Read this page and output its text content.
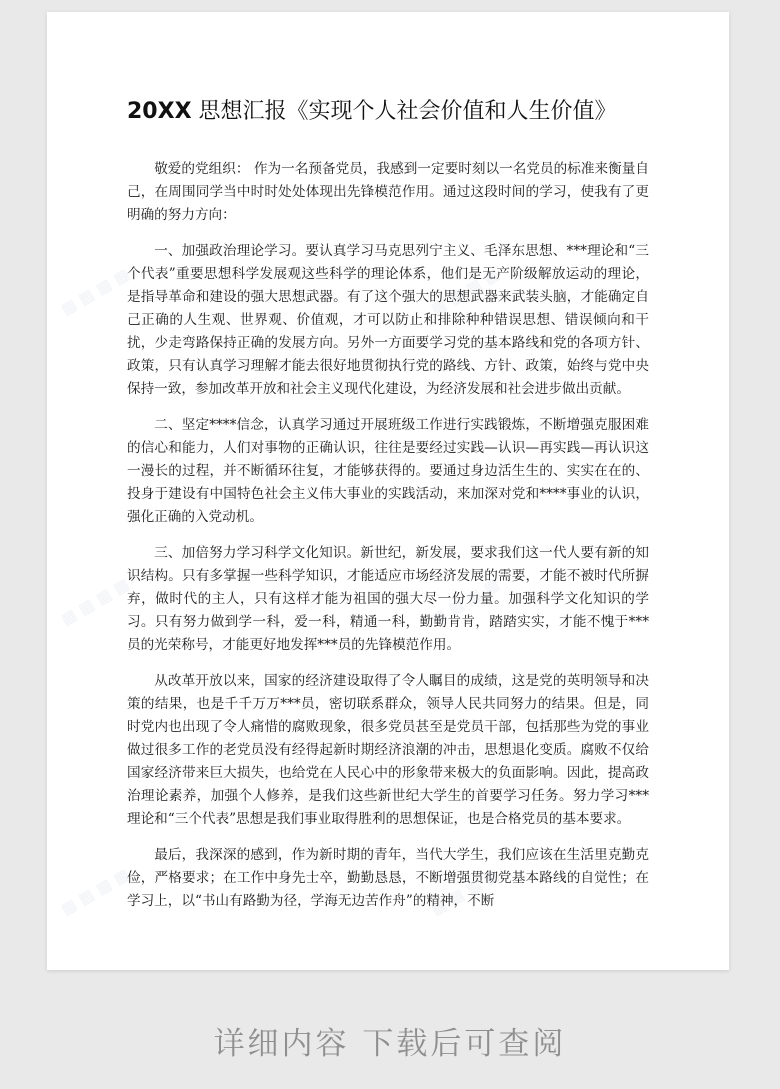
20XX 思想汇报《实现个人社会价值和人生价值》

敬爱的党组织： 作为一名预备党员，我感到一定要时刻以一名党员的标准来衡量自己，在周围同学当中时时处处体现出先锋模范作用。通过这段时间的学习，使我有了更明确的努力方向：

一、加强政治理论学习。要认真学习马克思列宁主义、毛泽东思想、***理论和“三个代表”重要思想科学发展观这些科学的理论体系，他们是无产阶级解放运动的理论，是指导革命和建设的强大思想武器。有了这个强大的思想武器来武装头脑，才能确定自己正确的人生观、世界观、价值观，才可以防止和排除种种错误思想、错误倾向和干扰，少走弯路保持正确的发展方向。另外一方面要学习党的基本路线和党的各项方针、政策，只有认真学习理解才能去很好地贯彻执行党的路线、方针、政策，始终与党中央保持一致，参加改革开放和社会主义现代化建设，为经济发展和社会进步做出贡献。

二、坚定****信念，认真学习通过开展班级工作进行实践锻炼，不断增强克服困难的信心和能力，人们对事物的正确认识，往往是要经过实践—认识—再实践—再认识这一漫长的过程，并不断循环往复，才能够获得的。要通过身边活生生的、实实在在的、投身于建设有中国特色社会主义伟大事业的实践活动，来加深对党和****事业的认识，强化正确的入党动机。

三、加倍努力学习科学文化知识。新世纪，新发展，要求我们这一代人要有新的知识结构。只有多掌握一些科学知识，才能适应市场经济发展的需要，才能不被时代所摒弃，做时代的主人，只有这样才能为祖国的强大尽一份力量。加强科学文化知识的学习。只有努力做到学一科，爱一科，精通一科，勤勤肯肯，踏踏实实，才能不愧于***员的光荣称号，才能更好地发挥***员的先锋模范作用。

从改革开放以来，国家的经济建设取得了令人瞩目的成绩，这是党的英明领导和决策的结果，也是千千万万***员，密切联系群众，领导人民共同努力的结果。但是，同时党内也出现了令人痛惜的腐败现象，很多党员甚至是党员干部，包括那些为党的事业做过很多工作的老党员没有经得起新时期经济浪潮的冲击，思想退化变质。腐败不仅给国家经济带来巨大损失，也给党在人民心中的形象带来极大的负面影响。因此，提高政治理论素养，加强个人修养，是我们这些新世纪大学生的首要学习任务。努力学习***理论和“三个代表”思想是我们事业取得胜利的思想保证，也是合格党员的基本要求。

最后，我深深的感到，作为新时期的青年，当代大学生，我们应该在生活里克勤克俭，严格要求；在工作中身先士卒，勤勤恳恳，不断增强贯彻党基本路线的自觉性；在学习上，以“书山有路勤为径，学海无边苦作舟”的精神，不断

▦ ▦ ▦ ▦	▦ ▦ ▦ ▦
▦ ▦ ▦ ▦	▦ ▦ ▦ ▦
▦ ▦ ▦ ▦	▦ ▦ ▦ ▦
详细内容 下载后可查阅
